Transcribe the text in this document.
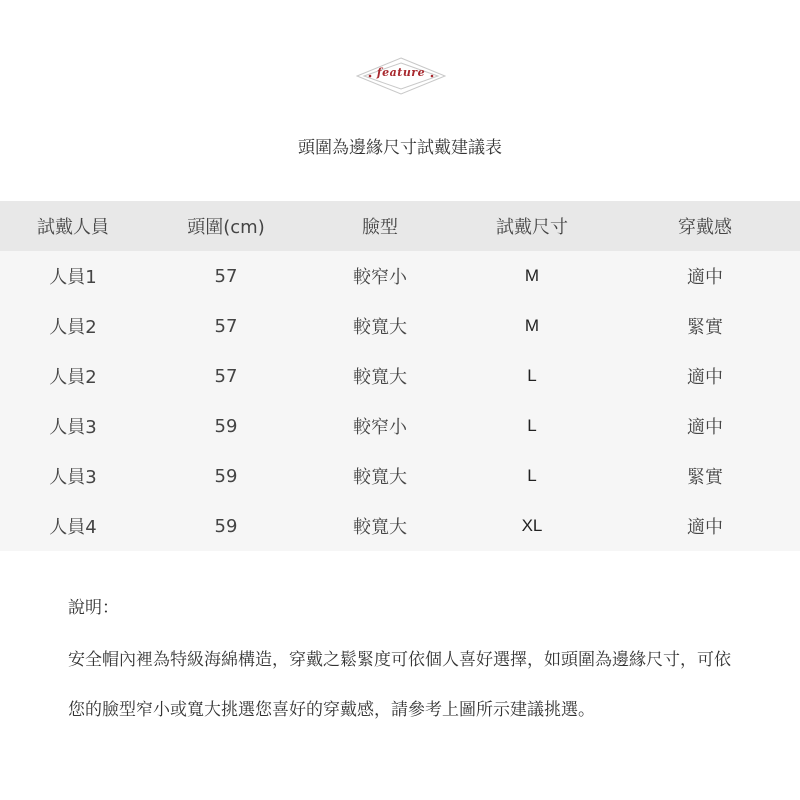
feature
頭圍為邊緣尺寸試戴建議表
試戴人員	頭圍(cm)	臉型	試戴尺寸	穿戴感
人員1	57	較窄小	M	適中
人員2	57	較寬大	M	緊實
人員2	57	較寬大	L	適中
人員3	59	較窄小	L	適中
人員3	59	較寬大	L	緊實
人員4	59	較寬大	XL	適中
說明：
安全帽內裡為特級海綿構造，穿戴之鬆緊度可依個人喜好選擇，如頭圍為邊緣尺寸，可依您的臉型窄小或寬大挑選您喜好的穿戴感，請參考上圖所示建議挑選。
